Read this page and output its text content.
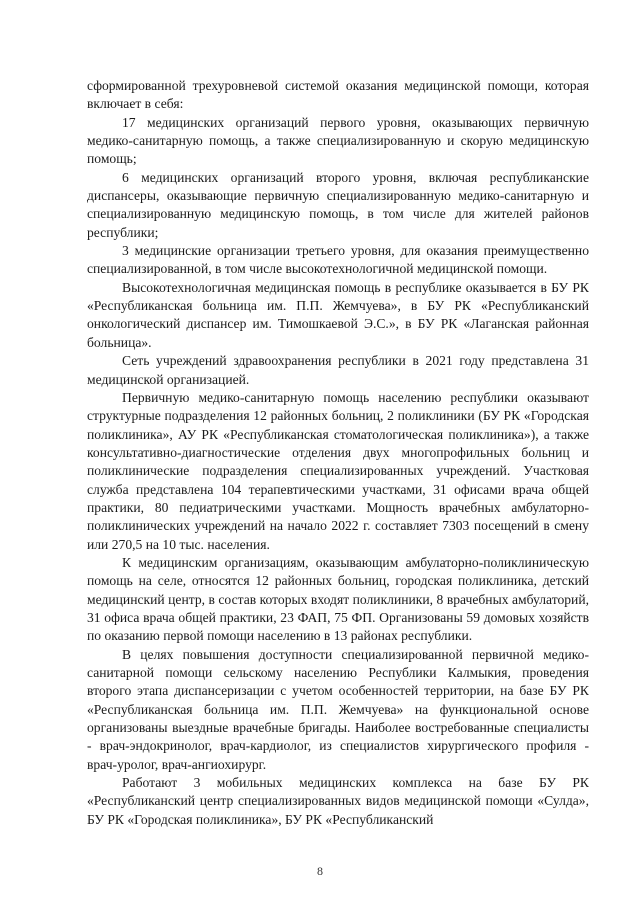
сформированной трехуровневой системой оказания медицинской помощи, которая включает в себя:

17 медицинских организаций первого уровня, оказывающих первичную медико-санитарную помощь, а также специализированную и скорую медицинскую помощь;

6 медицинских организаций второго уровня, включая республиканские диспансеры, оказывающие первичную специализированную медико-санитарную и специализированную медицинскую помощь, в том числе для жителей районов республики;

3 медицинские организации третьего уровня, для оказания преимущественно специализированной, в том числе высокотехнологичной медицинской помощи.

Высокотехнологичная медицинская помощь в республике оказывается в БУ РК «Республиканская больница им. П.П. Жемчуева», в БУ РК «Республиканский онкологический диспансер им. Тимошкаевой Э.С.», в БУ РК «Лаганская районная больница».

Сеть учреждений здравоохранения республики в 2021 году представлена 31 медицинской организацией.

Первичную медико-санитарную помощь населению республики оказывают структурные подразделения 12 районных больниц, 2 поликлиники (БУ РК «Городская поликлиника», АУ РК «Республиканская стоматологическая поликлиника»), а также консультативно-диагностические отделения двух многопрофильных больниц и поликлинические подразделения специализированных учреждений. Участковая служба представлена 104 терапевтическими участками, 31 офисами врача общей практики, 80 педиатрическими участками. Мощность врачебных амбулаторно-поликлинических учреждений на начало 2022 г. составляет 7303 посещений в смену или 270,5 на 10 тыс. населения.

К медицинским организациям, оказывающим амбулаторно-поликлиническую помощь на селе, относятся 12 районных больниц, городская поликлиника, детский медицинский центр, в состав которых входят поликлиники, 8 врачебных амбулаторий, 31 офиса врача общей практики, 23 ФАП, 75 ФП. Организованы 59 домовых хозяйств по оказанию первой помощи населению в 13 районах республики.

В целях повышения доступности специализированной первичной медико-санитарной помощи сельскому населению Республики Калмыкия, проведения второго этапа диспансеризации с учетом особенностей территории, на базе БУ РК «Республиканская больница им. П.П. Жемчуева» на функциональной основе организованы выездные врачебные бригады. Наиболее востребованные специалисты - врач-эндокринолог, врач-кардиолог, из специалистов хирургического профиля - врач-уролог, врач-ангиохирург.

Работают 3 мобильных медицинских комплекса на базе БУ РК «Республиканский центр специализированных видов медицинской помощи «Сулда», БУ РК «Городская поликлиника», БУ РК «Республиканский

8
